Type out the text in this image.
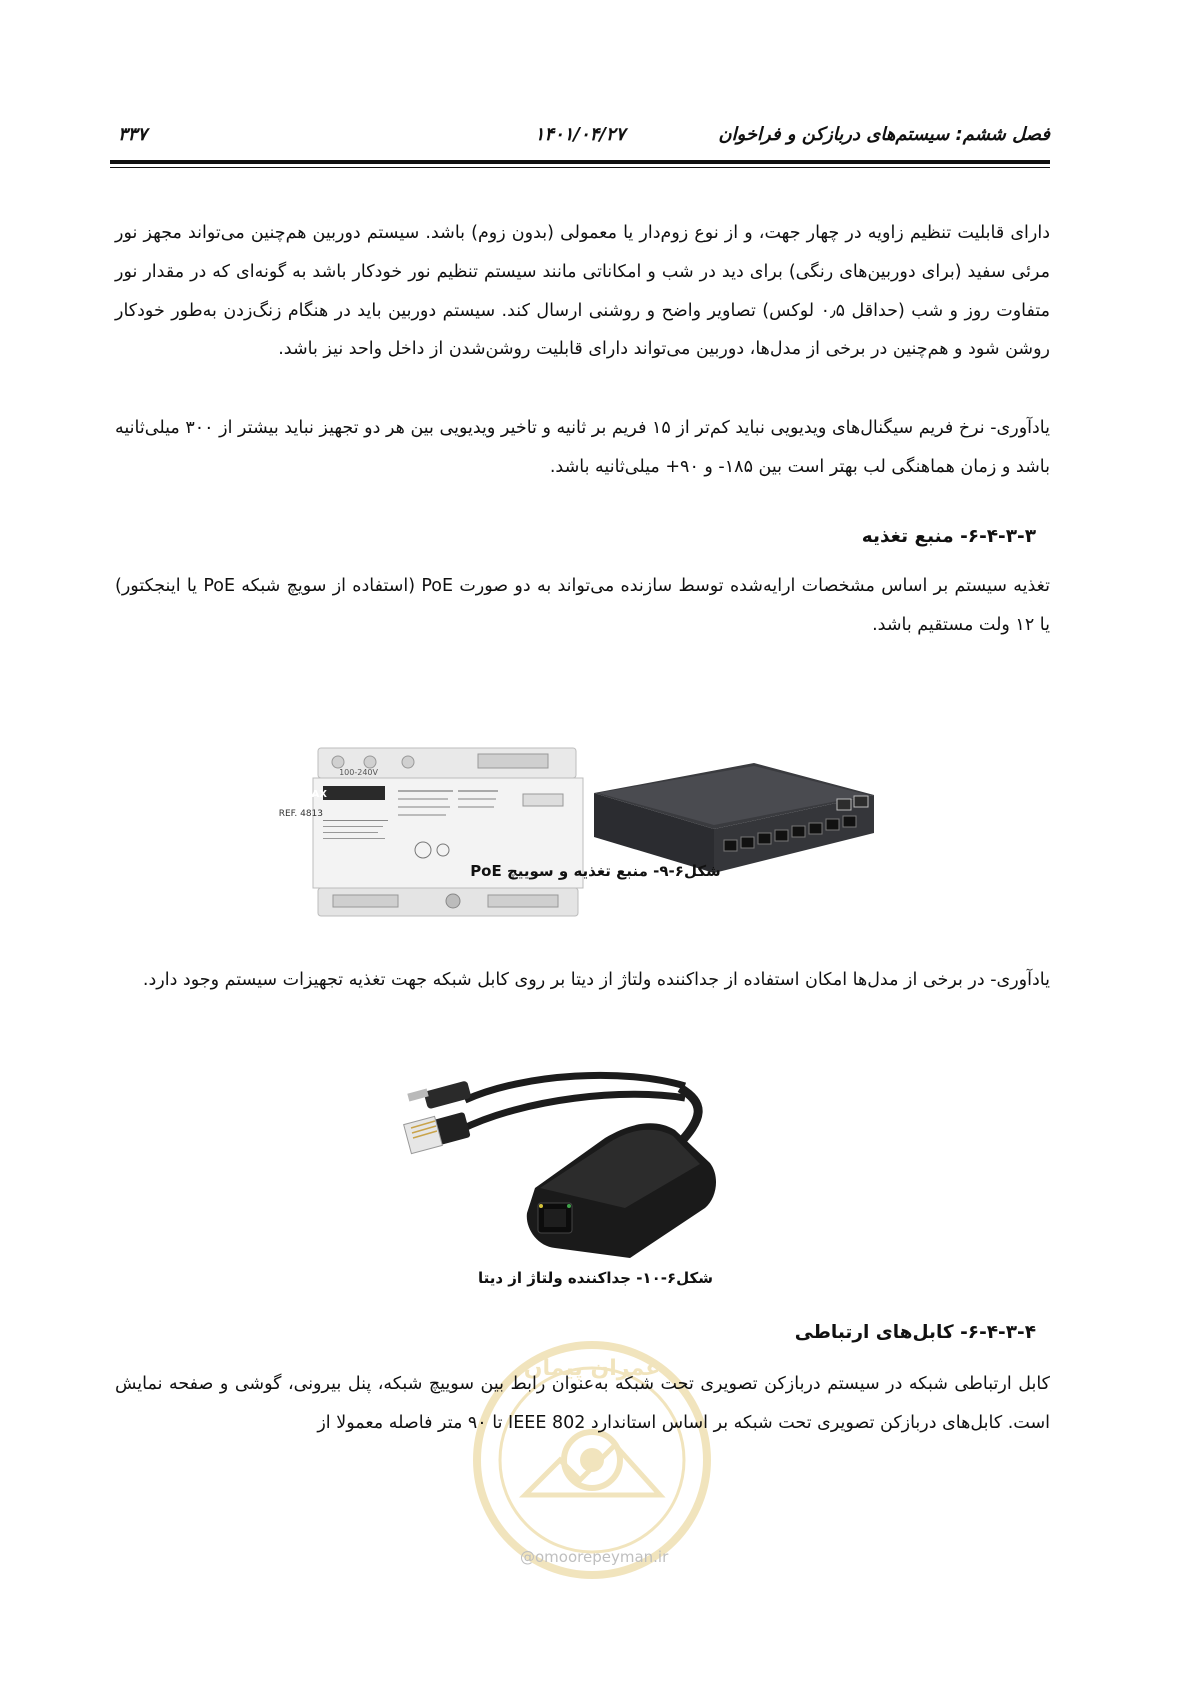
فصل ششم: سیستم‌های دربازکن و فراخوان
۱۴۰۱/۰۴/۲۷
۳۳۷
دارای قابلیت تنظیم زاویه در چهار جهت، و از نوع زوم‌دار یا معمولی (بدون زوم) باشد. سیستم دوربین هم‌چنین می‌تواند مجهز نور مرئی سفید (برای دوربین‌های رنگی) برای دید در شب و امکاناتی مانند سیستم تنظیم نور خودکار باشد به گونه‌ای که در مقدار نور متفاوت روز و شب (حداقل ۰٫۵ لوکس) تصاویر واضح و روشنی ارسال کند. سیستم دوربین باید در هنگام زنگ‌زدن به‌طور خودکار روشن شود و هم‌چنین در برخی از مدل‌ها، دوربین می‌تواند دارای قابلیت روشن‌شدن از داخل واحد نیز باشد.
یادآوری- نرخ فریم سیگنال‌های ویدیویی نباید کم‌تر از ۱۵ فریم بر ثانیه و تاخیر ویدیویی بین هر دو تجهیز نباید بیشتر از ۳۰۰ میلی‌ثانیه باشد و زمان هماهنگی لب بهتر است بین ۱۸۵- و ۹۰+ میلی‌ثانیه باشد.
۶-۴-۳-۳- منبع تغذیه
تغذیه سیستم بر اساس مشخصات ارایه‌شده توسط سازنده می‌تواند به دو صورت PoE (استفاده از سویچ شبکه PoE یا اینجکتور) یا ۱۲ ولت مستقیم باشد.
100-240V
FERMAX
REF. 4813
شکل۶-۹- منبع تغذیه و سوییچ PoE
یادآوری- در برخی از مدل‌ها امکان استفاده از جداکننده ولتاژ از دیتا بر روی کابل شبکه جهت تغذیه تجهیزات سیستم وجود دارد.
شکل۶-۱۰- جداکننده ولتاژ از دیتا
عمران پیمان
@omoorepeyman.ir
۶-۴-۳-۴- کابل‌های ارتباطی
کابل ارتباطی شبکه در سیستم دربازکن تصویری تحت شبکه به‌عنوان رابط بین سوییچ شبکه، پنل بیرونی، گوشی و صفحه نمایش است. کابل‌های دربازکن تصویری تحت شبکه بر اساس استاندارد IEEE 802 تا ۹۰ متر فاصله معمولا از
